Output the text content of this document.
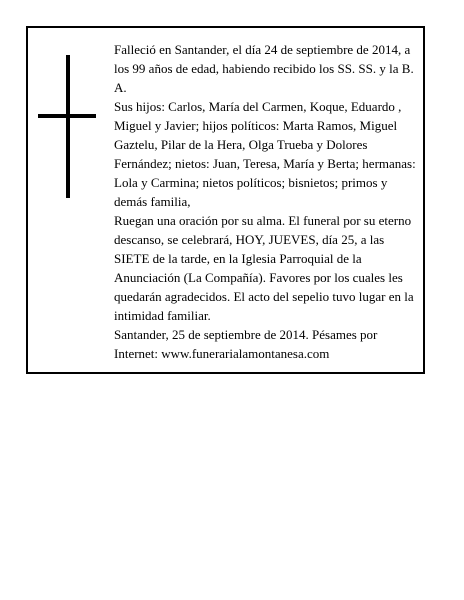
Falleció en Santander, el día 24 de septiembre de 2014, a los 99 años de edad, habiendo recibido los SS. SS. y la B. A.

Sus hijos: Carlos, María del Carmen, Koque, Eduardo , Miguel y Javier; hijos políticos: Marta Ramos, Miguel Gaztelu, Pilar de la Hera, Olga Trueba y Dolores Fernández; nietos: Juan, Teresa, María y Berta; hermanas: Lola y Carmina; nietos políticos; bisnietos; primos y demás familia,

Ruegan una oración por su alma. El funeral por su eterno descanso, se celebrará, HOY, JUEVES, día 25, a las SIETE de la tarde, en la Iglesia Parroquial de la Anunciación (La Compañía). Favores por los cuales les quedarán agradecidos. El acto del sepelio tuvo lugar en la intimidad familiar.

Santander, 25 de septiembre de 2014. Pésames por Internet: www.funerarialamontanesa.com
